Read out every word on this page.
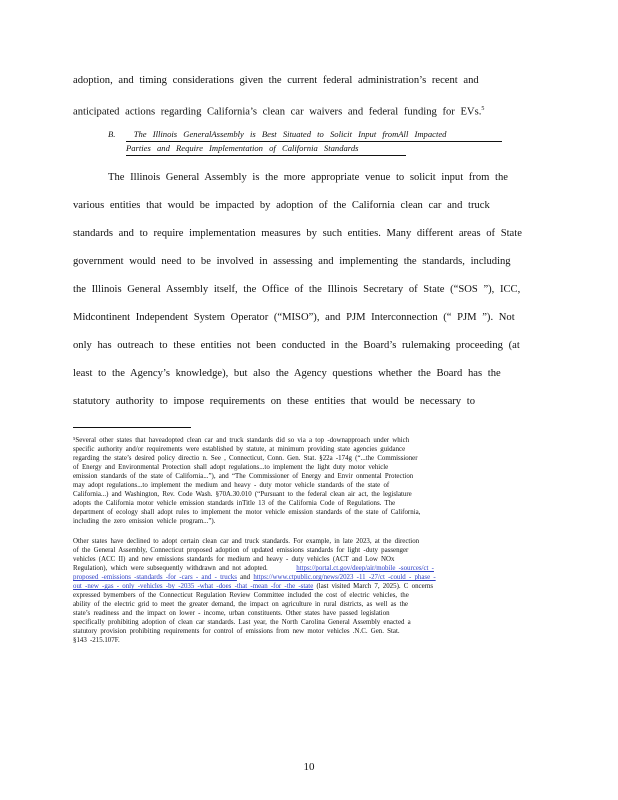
adoption, and timing considerations given the current federal administration’s recent and
anticipated actions regarding California’s clean car waivers and federal funding for EVs.$^5$
B. The Illinois GeneralAssembly is Best Situated to Solicit Input fromAll Impacted
Parties and Require Implementation of California Standards
The Illinois General Assembly is the more appropriate venue to solicit input from the
various entities that would be impacted by adoption of the California clean car and truck
standards and to require implementation measures by such entities. Many different areas of State
government would need to be involved in assessing and implementing the standards, including
the Illinois General Assembly itself, the Office of the Illinois Secretary of State (“SOS ”), ICC,
Midcontinent Independent System Operator (“MISO”), and PJM Interconnection (“ PJM ”). Not
only has outreach to these entities not been conducted in the Board’s rulemaking proceeding (at
least to the Agency’s knowledge), but also the Agency questions whether the Board has the
statutory authority to impose requirements on these entities that would be necessary to
⁵Several other states that haveadopted clean car and truck standards did so via a top -downapproach under which
specific authority and/or requirements were established by statute, at minimum providing state agencies guidance
regarding the state’s desired policy directio n. See , Connecticut, Conn. Gen. Stat. §22a -174g (“...the Commissioner
of Energy and Environmental Protection shall adopt regulations...to implement the light duty motor vehicle
emission standards of the state of California...”), and “The Commissioner of Energy and Envir onmental Protection
may adopt regulations...to implement the medium and heavy - duty motor vehicle standards of the state of
California...) and Washington, Rev. Code Wash. §70A.30.010 (“Pursuant to the federal clean air act, the legislature
adopts the California motor vehicle emission standards inTitle 13 of the California Code of Regulations. The
department of ecology shall adopt rules to implement the motor vehicle emission standards of the state of California,
including the zero emission vehicle program...”).
Other states have declined to adopt certain clean car and truck standards. For example, in late 2023, at the direction
of the General Assembly, Connecticut proposed adoption of updated emissions standards for light -duty passenger
vehicles (ACC II) and new emissions standards for medium and heavy - duty vehicles (ACT and Low NOx
Regulation), which were subsequently withdrawn and not adopted.	https://portal.ct.gov/deep/air/mobile -sources/ct -
proposed -emissions -standards -for -cars - and - trucks and https://www.ctpublic.org/news/2023 -11 -27/ct -could - phase -
out -new -gas - only -vehicles -by -2035 -what -does -that -mean -for -the -state (last visited March 7, 2025). C oncerns
expressed bymembers of the Connecticut Regulation Review Committee included the cost of electric vehicles, the
ability of the electric grid to meet the greater demand, the impact on agriculture in rural districts, as well as the
state’s readiness and the impact on lower - income, urban constituents. Other states have passed legislation
specifically prohibiting adoption of clean car standards. Last year, the North Carolina General Assembly enacted a
statutory provision prohibiting requirements for control of emissions from new motor vehicles .N.C. Gen. Stat.
§143 -215.107F.
10
